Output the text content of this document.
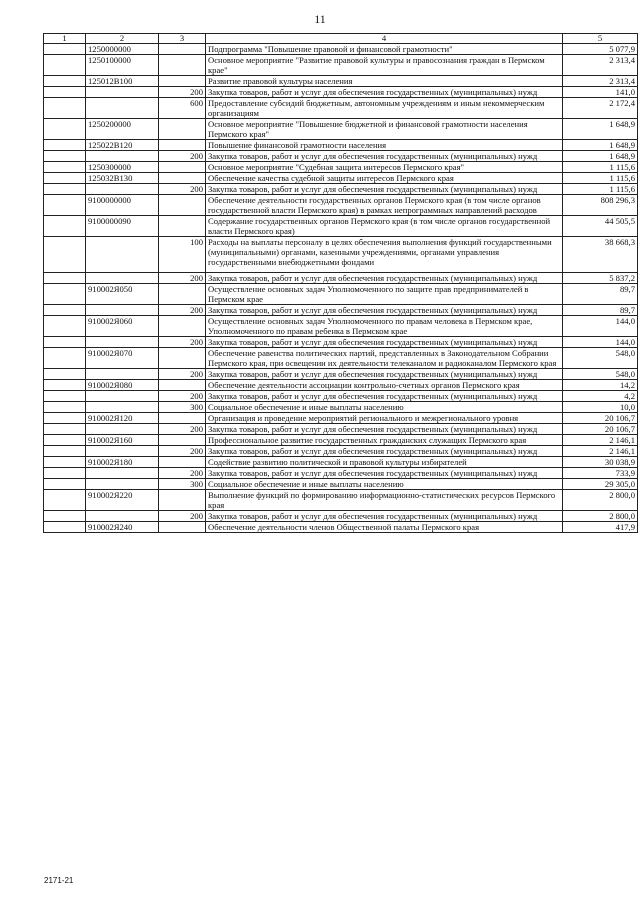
11
1	2	3	4	5
	1250000000		Подпрограмма "Повышение правовой и финансовой грамотности"	5 077,9
	1250100000		Основное мероприятие "Развитие правовой культуры и правосознания граждан в Пермском крае"	2 313,4
	125012В100		Развитие правовой культуры населения	2 313,4
		200	Закупка товаров, работ и услуг для обеспечения государственных (муниципальных) нужд	141,0
		600	Предоставление субсидий бюджетным, автономным учреждениям и иным некоммерческим организациям	2 172,4
	1250200000		Основное мероприятие "Повышение бюджетной и финансовой грамотности населения Пермского края"	1 648,9
	125022В120		Повышение финансовой грамотности населения	1 648,9
		200	Закупка товаров, работ и услуг для обеспечения государственных (муниципальных) нужд	1 648,9
	1250300000		Основное мероприятие "Судебная защита интересов Пермского края"	1 115,6
	125032В130		Обеспечение качества судебной защиты интересов Пермского края	1 115,6
		200	Закупка товаров, работ и услуг для обеспечения государственных (муниципальных) нужд	1 115,6
	9100000000		Обеспечение деятельности государственных органов Пермского края (в том числе органов государственной власти Пермского края) в рамках непрограммных направлений расходов	808 296,3
	9100000090		Содержание государственных органов Пермского края (в том числе органов государственной власти Пермского края)	44 505,5
		100	Расходы на выплаты персоналу в целях обеспечения выполнения функций государственными (муниципальными) органами, казенными учреждениями, органами управления государственными внебюджетными фондами	38 668,3
		200	Закупка товаров, работ и услуг для обеспечения государственных (муниципальных) нужд	5 837,2
	910002Я050		Осуществление основных задач Уполномоченного по защите прав предпринимателей в Пермском крае	89,7
		200	Закупка товаров, работ и услуг для обеспечения государственных (муниципальных) нужд	89,7
	910002Я060		Осуществление основных задач Уполномоченного по правам человека в Пермском крае, Уполномоченного по правам ребенка в Пермском крае	144,0
		200	Закупка товаров, работ и услуг для обеспечения государственных (муниципальных) нужд	144,0
	910002Я070		Обеспечение равенства политических партий, представленных в Законодательном Собрании Пермского края, при освещении их деятельности телеканалом и радиоканалом Пермского края	548,0
		200	Закупка товаров, работ и услуг для обеспечения государственных (муниципальных) нужд	548,0
	910002Я080		Обеспечение деятельности ассоциации контрольно-счетных органов Пермского края	14,2
		200	Закупка товаров, работ и услуг для обеспечения государственных (муниципальных) нужд	4,2
		300	Социальное обеспечение и иные выплаты населению	10,0
	910002Я120		Организация и проведение мероприятий регионального и межрегионального уровня	20 106,7
		200	Закупка товаров, работ и услуг для обеспечения государственных (муниципальных) нужд	20 106,7
	910002Я160		Профессиональное развитие государственных гражданских служащих Пермского края	2 146,1
		200	Закупка товаров, работ и услуг для обеспечения государственных (муниципальных) нужд	2 146,1
	910002Я180		Содействие развитию политической и правовой культуры избирателей	30 038,9
		200	Закупка товаров, работ и услуг для обеспечения государственных (муниципальных) нужд	733,9
		300	Социальное обеспечение и иные выплаты населению	29 305,0
	910002Я220		Выполнение функций по формированию информационно-статистических ресурсов Пермского края	2 800,0
		200	Закупка товаров, работ и услуг для обеспечения государственных (муниципальных) нужд	2 800,0
	910002Я240		Обеспечение деятельности членов Общественной палаты Пермского края	417,9
2171-21
